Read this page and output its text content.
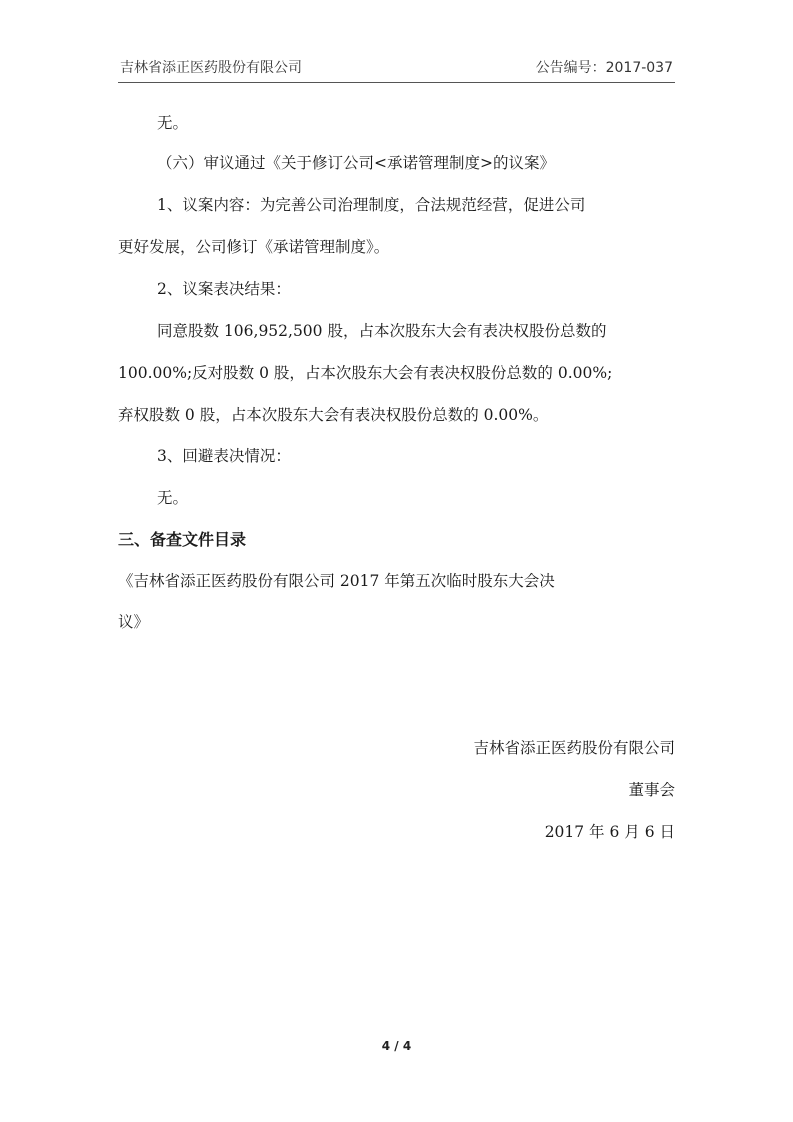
吉林省添正医药股份有限公司	公告编号：2017-037
无。
（六）审议通过《关于修订公司<承诺管理制度>的议案》
1、议案内容：为完善公司治理制度，合法规范经营，促进公司
更好发展，公司修订《承诺管理制度》。
2、议案表决结果：
同意股数 106,952,500 股，占本次股东大会有表决权股份总数的
100.00%;反对股数 0 股，占本次股东大会有表决权股份总数的 0.00%;
弃权股数 0 股，占本次股东大会有表决权股份总数的 0.00%。
3、回避表决情况：
无。
《吉林省添正医药股份有限公司 2017 年第五次临时股东大会决
议》
三、备查文件目录
吉林省添正医药股份有限公司
董事会
2017 年 6 月 6 日
4 / 4
